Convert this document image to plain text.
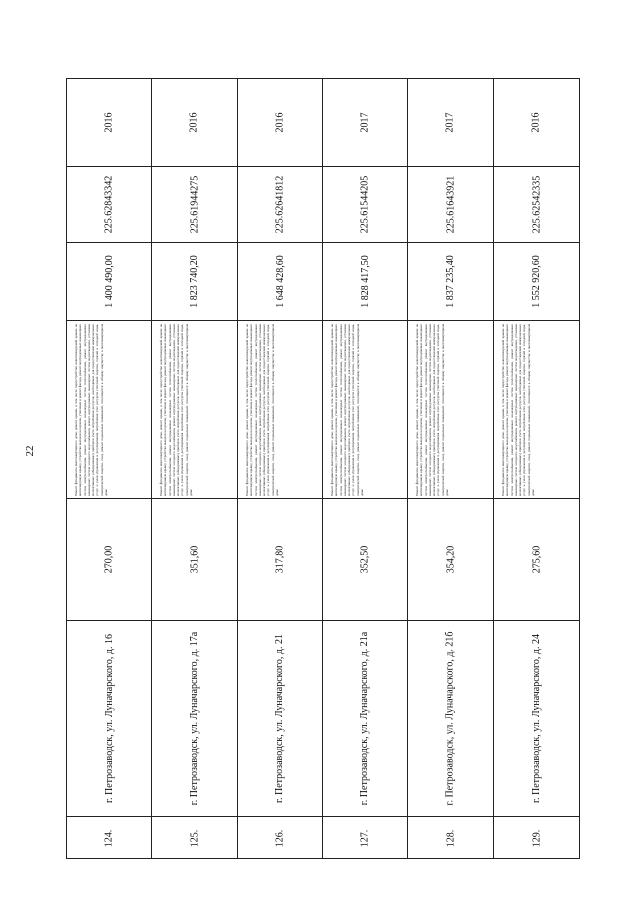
22
2016
225.62843342
1 400 490,00
Ремонт фундамента многоквартирного дома, ремонт крыши, в том числе переустройство невентилируемой крыши на вентилируемую крышу, устройство выходов на кровлю, утепление и ремонт фасада, ремонт внутридомовых инженерных систем электроснабжения, ремонт внутридомовых инженерных систем теплоснабжения, ремонт внутридомовых инженерных систем холодного водоснабжения, ремонт внутридомовых инженерных систем водоотведения, установка коллективных (общедомовых) приборов учета потребления ресурсов, необходимых для предоставления коммунальных услуг, и узлов управления и регулирования потребления этих ресурсов (тепловой энергии, горячей и холодной воды, электрической энергии, газа), ремонт подвальных помещений, относящихся к общему имуществу в многоквартирном доме
270,00
г. Петрозаводск, ул. Луначарского, д. 16
124.
2016
225.61944275
1 823 740,20
Ремонт фундамента многоквартирного дома, ремонт крыши, в том числе переустройство невентилируемой крыши на вентилируемую крышу, устройство выходов на кровлю, утепление и ремонт фасада, ремонт внутридомовых инженерных систем электроснабжения, ремонт внутридомовых инженерных систем теплоснабжения, ремонт внутридомовых инженерных систем холодного водоснабжения, ремонт внутридомовых инженерных систем водоотведения, установка коллективных (общедомовых) приборов учета потребления ресурсов, необходимых для предоставления коммунальных услуг, и узлов управления и регулирования потребления этих ресурсов (тепловой энергии, горячей и холодной воды, электрической энергии, газа), ремонт подвальных помещений, относящихся к общему имуществу в многоквартирном доме
351,60
г. Петрозаводск, ул. Луначарского, д. 17а
125.
2016
225.62641812
1 648 428,60
Ремонт фундамента многоквартирного дома, ремонт крыши, в том числе переустройство невентилируемой крыши на вентилируемую крышу, устройство выходов на кровлю, утепление и ремонт фасада, ремонт внутридомовых инженерных систем электроснабжения, ремонт внутридомовых инженерных систем теплоснабжения, ремонт внутридомовых инженерных систем холодного водоснабжения, ремонт внутридомовых инженерных систем водоотведения, установка коллективных (общедомовых) приборов учета потребления ресурсов, необходимых для предоставления коммунальных услуг, и узлов управления и регулирования потребления этих ресурсов (тепловой энергии, горячей и холодной воды, электрической энергии, газа), ремонт подвальных помещений, относящихся к общему имуществу в многоквартирном доме
317,80
г. Петрозаводск, ул. Луначарского, д. 21
126.
2017
225.61544205
1 828 417,50
Ремонт фундамента многоквартирного дома, ремонт крыши, в том числе переустройство невентилируемой крыши на вентилируемую крышу, устройство выходов на кровлю, утепление и ремонт фасада, ремонт внутридомовых инженерных систем электроснабжения, ремонт внутридомовых инженерных систем теплоснабжения, ремонт внутридомовых инженерных систем холодного водоснабжения, ремонт внутридомовых инженерных систем водоотведения, установка коллективных (общедомовых) приборов учета потребления ресурсов, необходимых для предоставления коммунальных услуг, и узлов управления и регулирования потребления этих ресурсов (тепловой энергии, горячей и холодной воды, электрической энергии, газа), ремонт подвальных помещений, относящихся к общему имуществу в многоквартирном доме
352,50
г. Петрозаводск, ул. Луначарского, д. 21а
127.
2017
225.61643921
1 837 235,40
Ремонт фундамента многоквартирного дома, ремонт крыши, в том числе переустройство невентилируемой крыши на вентилируемую крышу, устройство выходов на кровлю, утепление и ремонт фасада, ремонт внутридомовых инженерных систем электроснабжения, ремонт внутридомовых инженерных систем теплоснабжения, ремонт внутридомовых инженерных систем холодного водоснабжения, ремонт внутридомовых инженерных систем водоотведения, установка коллективных (общедомовых) приборов учета потребления ресурсов, необходимых для предоставления коммунальных услуг, и узлов управления и регулирования потребления этих ресурсов (тепловой энергии, горячей и холодной воды, электрической энергии, газа), ремонт подвальных помещений, относящихся к общему имуществу в многоквартирном доме
354,20
г. Петрозаводск, ул. Луначарского, д. 21б
128.
2016
225.62542335
1 552 920,60
Ремонт фундамента многоквартирного дома, ремонт крыши, в том числе переустройство невентилируемой крыши на вентилируемую крышу, устройство выходов на кровлю, утепление и ремонт фасада, ремонт внутридомовых инженерных систем электроснабжения, ремонт внутридомовых инженерных систем теплоснабжения, ремонт внутридомовых инженерных систем холодного водоснабжения, ремонт внутридомовых инженерных систем водоотведения, установка коллективных (общедомовых) приборов учета потребления ресурсов, необходимых для предоставления коммунальных услуг, и узлов управления и регулирования потребления этих ресурсов (тепловой энергии, горячей и холодной воды, электрической энергии, газа), ремонт подвальных помещений, относящихся к общему имуществу в многоквартирном доме
275,60
г. Петрозаводск, ул. Луначарского, д. 24
129.
